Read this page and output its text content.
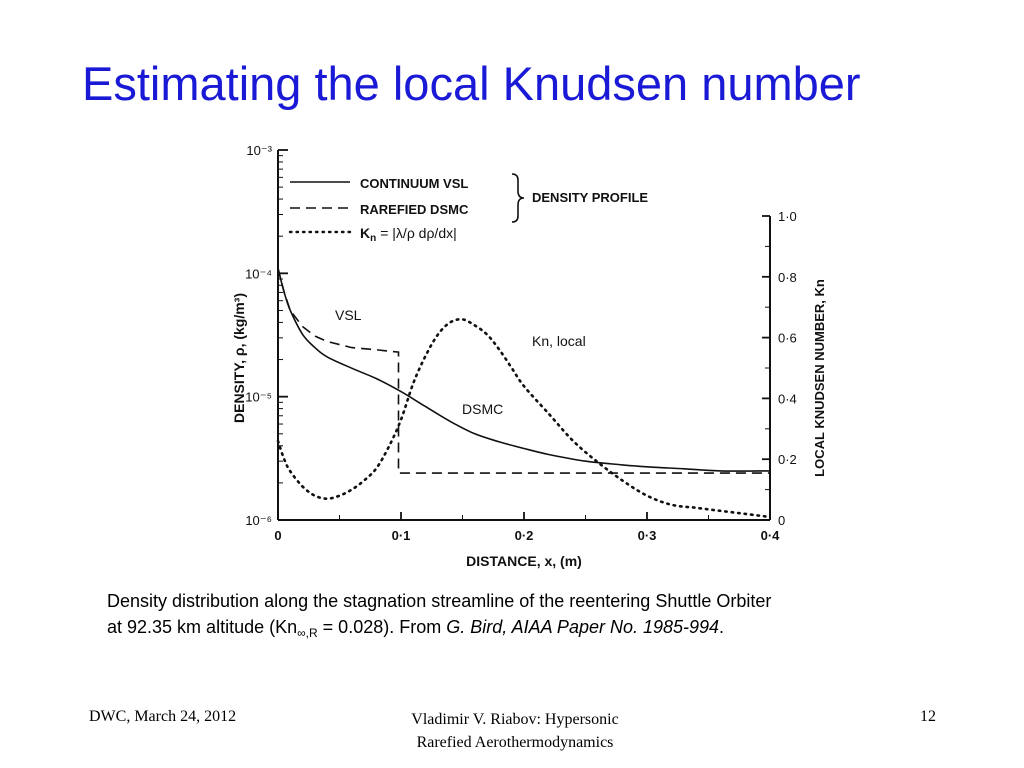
Estimating the local Knudsen number
10⁻⁶
10⁻⁵
10⁻⁴
10⁻³
0
0·2
0·4
0·6
0·8
1·0
0	0·1	0·2	0·3	0·4
CONTINUUM VSL
RAREFIED DSMC
$K_n = |\lambda/\rho$ dρ/dx|
DENSITY PROFILE
DENSITY, ρ, (kg/m³)	LOCAL KNUDSEN NUMBER, Kn
DISTANCE, x, (m)
VSL
Kn, local
DSMC
Density distribution along the stagnation streamline of the reentering Shuttle Orbiter
at 92.35 km altitude $(Kn_{\infty,R} = 0.028)$. From G. Bird, AIAA Paper No. 1985-994.
DWC, March 24, 2012	Vladimir V. Riabov: Hypersonic
Rarefied Aerothermodynamics
12
